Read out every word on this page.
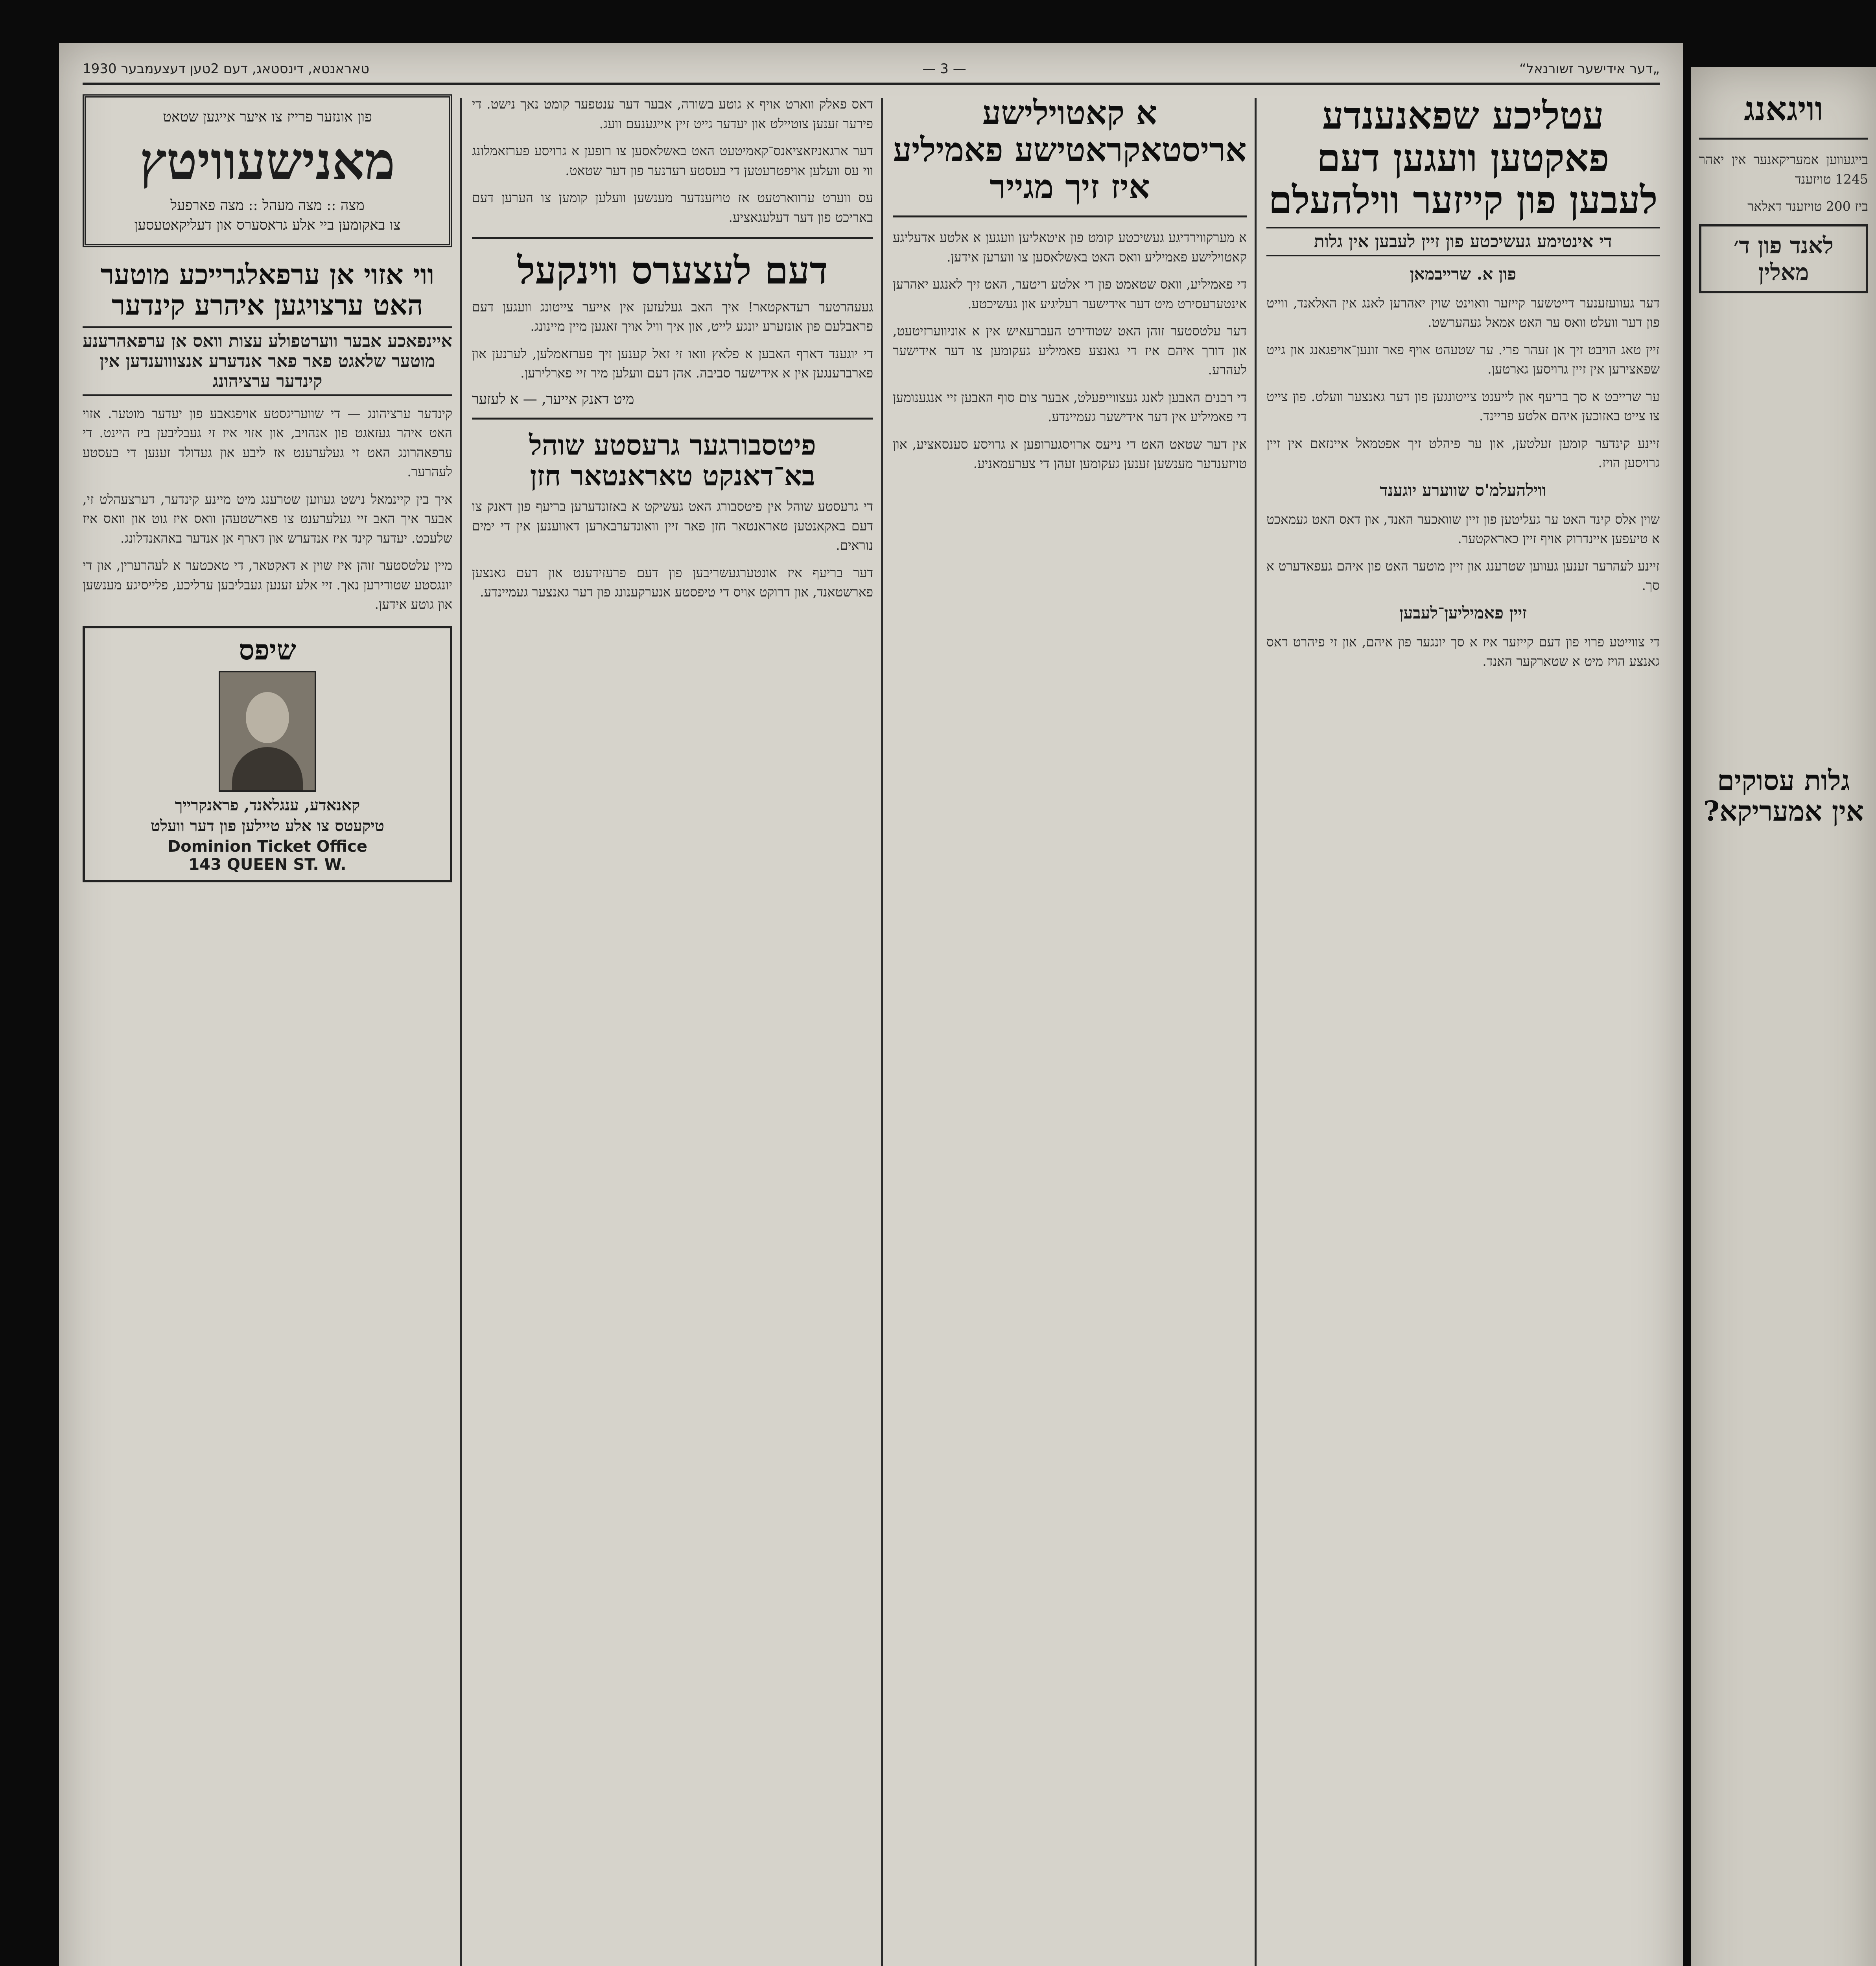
„דער אידישער זשורנאל“
— 3 —
טאראנטא, דינסטאג, דעם 2טען דעצעמבער 1930
עטליכע שפאנענדע פאקטען וועגען דעם לעבען פון קייזער ווילהעלם
די אינטימע געשיכטע פון זיין לעבען אין גלות
פון א. שרייבמאן

דער געוועזענער דייטשער קייזער וואוינט שוין יאהרען לאנג אין האלאנד, ווייט פון דער וועלט וואס ער האט אמאל געהערשט.

זיין טאג הויבט זיך אן זעהר פרי. ער שטעהט אויף פאר זונען־אויפגאנג און גייט שפאצירען אין זיין גרויסען גארטען.

ער שרייבט א סך בריעף און לייענט צייטונגען פון דער גאנצער וועלט. פון צייט צו צייט באזוכען איהם אלטע פריינד.

זיינע קינדער קומען זעלטען, און ער פיהלט זיך אפטמאל איינזאם אין זיין גרויסען הויז.

ווילהעלמ'ס שווערע יוגענד

שוין אלס קינד האט ער געליטען פון זיין שוואכער האנד, און דאס האט געמאכט א טיעפען איינדרוק אויף זיין כאראקטער.

זיינע לעהרער זענען געווען שטרענג און זיין מוטער האט פון איהם געפאדערט א סך.

זיין פאמיליען־לעבען

די צווייטע פרוי פון דעם קייזער איז א סך יונגער פון איהם, און זי פיהרט דאס גאנצע הויז מיט א שטארקער האנד.

א קאטוילישע אריסטאקראטישע פאמיליע איז זיך מגייר

א מערקווירדיגע געשיכטע קומט פון איטאליען וועגען א אלטע אדעליגע קאטוילישע פאמיליע וואס האט באשלאסען צו ווערען אידען.

די פאמיליע, וואס שטאמט פון די אלטע ריטער, האט זיך לאנגע יאהרען אינטערעסירט מיט דער אידישער רעליגיע און געשיכטע.

דער עלטסטער זוהן האט שטודירט העברעאיש אין א אוניווערזיטעט, און דורך איהם איז די גאנצע פאמיליע געקומען צו דער אידישער לעהרע.

די רבנים האבען לאנג געצווייפעלט, אבער צום סוף האבען זיי אנגענומען די פאמיליע אין דער אידישער געמיינדע.

אין דער שטאט האט די נייעס ארויסגערופען א גרויסע סענסאציע, און טויזענדער מענשען זענען געקומען זעהן די צערעמאניע.

דאס פאלק ווארט אויף א גוטע בשורה, אבער דער ענטפער קומט נאך נישט. די פירער זענען צוטיילט און יעדער גייט זיין אייגענעם וועג.

דער ארגאניזאציאנס־קאמיטעט האט באשלאסען צו רופען א גרויסע פערזאמלונג ווי עס וועלען אויפטרעטען די בעסטע רעדנער פון דער שטאט.

עס ווערט ערווארטעט אז טויזענדער מענשען וועלען קומען צו הערען דעם באריכט פון דער דעלעגאציע.

דעם לעצערס ווינקעל

געעהרטער רעדאקטאר! איך האב געלעזען אין אייער צייטונג וועגען דעם פראבלעם פון אונזערע יונגע לייט, און איך וויל אויך זאגען מיין מיינונג.

די יוגענד דארף האבען א פלאץ וואו זי זאל קענען זיך פערזאמלען, לערנען און פארברענגען אין א אידישער סביבה. אהן דעם וועלען מיר זיי פארלירען.

מיט דאנק אייער, — א לעזער
פיטסבורגער גרעסטע שוהל בא־דאנקט טאראנטאר חזן

די גרעסטע שוהל אין פיטסבורג האט געשיקט א באזונדערען בריעף פון דאנק צו דעם באקאנטען טאראנטאר חזן פאר זיין וואונדערבארען דאווענען אין די ימים נוראים.

דער בריעף איז אונטערגעשריבען פון דעם פרעזידענט און דעם גאנצען פארשטאנד, און דרוקט אויס די טיפסטע אנערקענונג פון דער גאנצער געמיינדע.

פון אונזער פרייז צו איער אייגען שטאט
מאנישעוויטץ
מצה :: מצה מעהל :: מצה פארפעל
צו באקומען ביי אלע גראסערס און דעליקאטעסען
ווי אזוי אן ערפאלגרייכע מוטער האט ערצויגען איהרע קינדער
איינפאכע אבער ווערטפולע עצות וואס אן ערפאהרענע מוטער שלאגט פאר פאר אנדערע אנצוווענדען אין קינדער ערציהונג

קינדער ערציהונג — די שוועריגסטע אויפגאבע פון יעדער מוטער. אזוי האט איהר געזאגט פון אנהויב, און אזוי איז זי געבליבען ביז היינט. די ערפאהרונג האט זי געלערענט אז ליבע און געדולד זענען די בעסטע לעהרער.

איך בין קיינמאל נישט געווען שטרענג מיט מיינע קינדער, דערצעהלט זי, אבער איך האב זיי געלערענט צו פארשטעהן וואס איז גוט און וואס איז שלעכט. יעדער קינד איז אנדערש און דארף אן אנדער באהאנדלונג.

מיין עלטסטער זוהן איז שוין א דאקטאר, די טאכטער א לעהרערין, און די יונגסטע שטודירען נאך. זיי אלע זענען געבליבען ערליכע, פלייסיגע מענשען און גוטע אידען.

שיפס
קאנאדע, ענגלאנד, פראנקרייך
טיקעטס צו אלע טיילען פון דער וועלט
Dominion Ticket Office
143 QUEEN ST. W.
וויגאנג

בייגעווען אמעריקאנער אין יאהר 1245 טויזענד

ביז 200 טויזענד דאלאר

לאנד פון ד׳ מאלין
גלות עסוקים אין אמעריקא?
